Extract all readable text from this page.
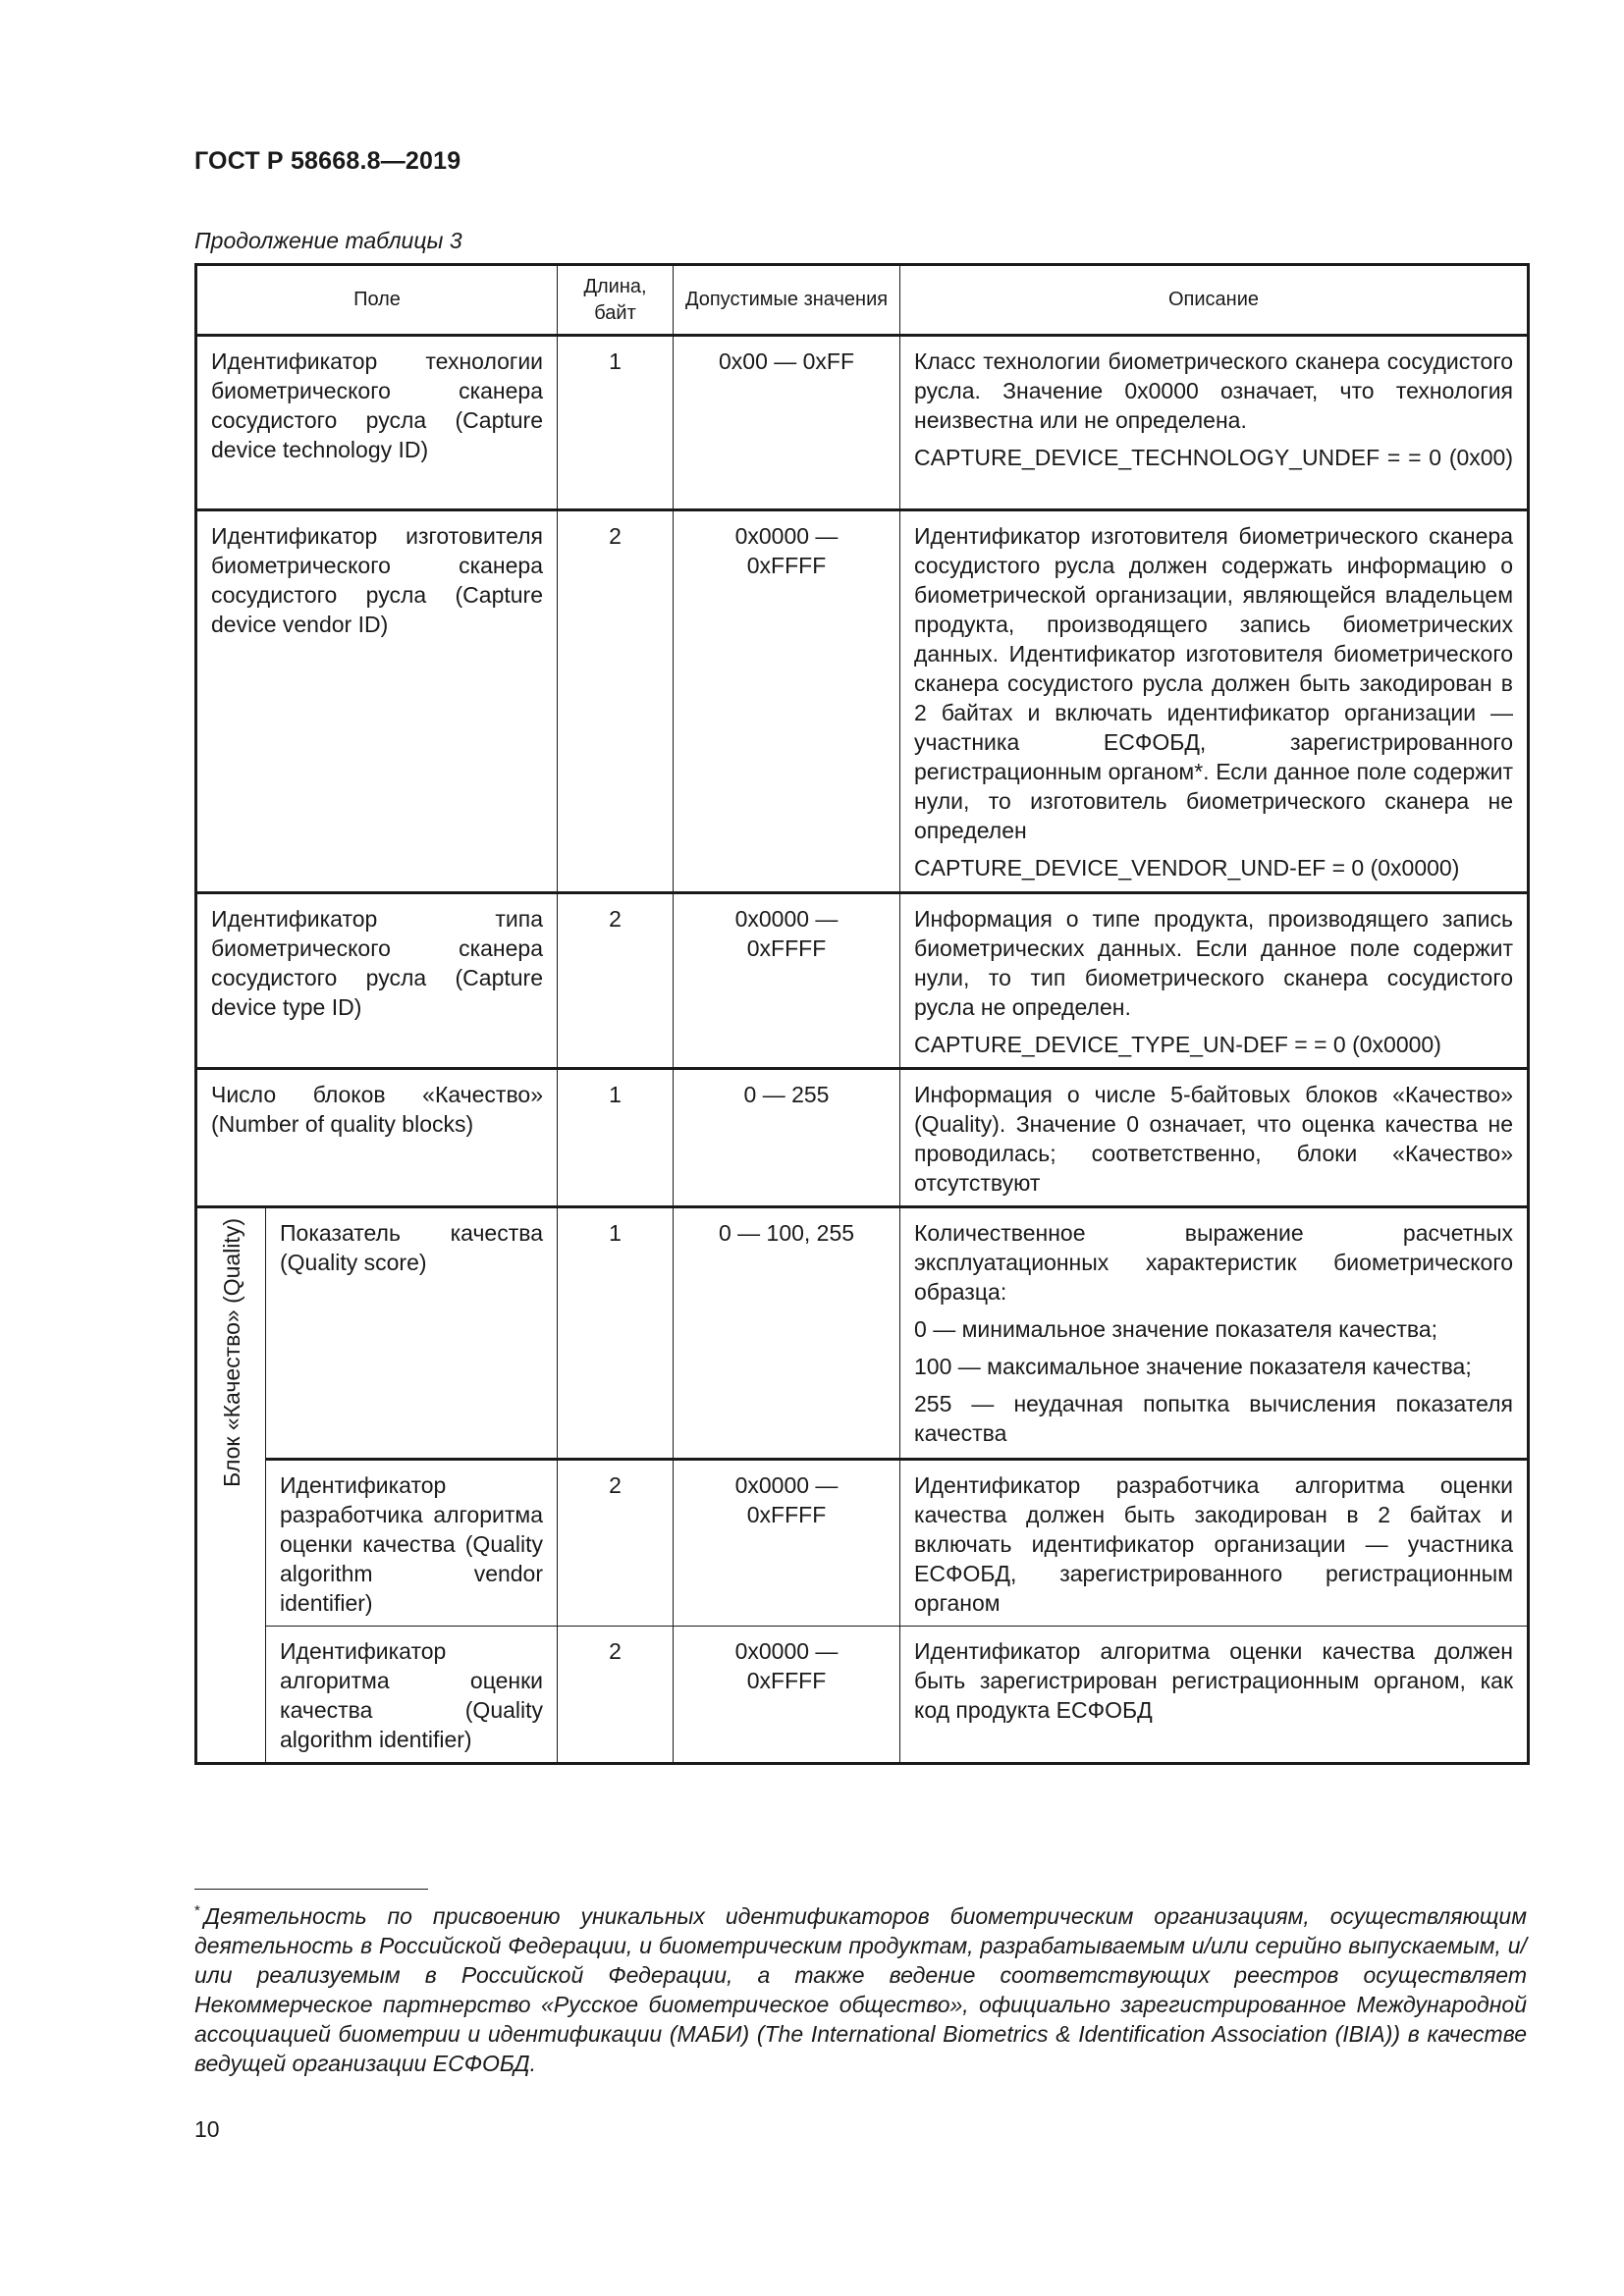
ГОСТ Р 58668.8—2019
Продолжение таблицы 3
Поле		Длина, байт	Допустимые значения	Описание
Идентификатор технологии биометрического сканера сосудистого русла (Capture device technology ID)		1	0x00 — 0xFF	Класс технологии биометрического сканера сосудистого русла. Значение 0x0000 означает, что технология неизвестна или не определена.

CAPTURE_DEVICE_TECHNOLOGY_UNDEF = = 0 (0x00)

Идентификатор изготовителя биометрического сканера сосудистого русла (Capture device vendor ID)		2	0x0000 — 0xFFFF	Идентификатор изготовителя биометрического сканера сосудистого русла должен содержать информацию о биометрической организации, являющейся владельцем продукта, производящего запись биометрических данных. Идентификатор изготовителя биометрического сканера сосудистого русла должен быть закодирован в 2 байтах и включать идентификатор организации — участника ЕСФОБД, зарегистрированного регистрационным органом*. Если данное поле содержит нули, то изготовитель биометрического сканера не определен

CAPTURE_DEVICE_VENDOR_UND-EF = 0 (0x0000)

Идентификатор типа биометрического сканера сосудистого русла (Capture device type ID)		2	0x0000 — 0xFFFF	Информация о типе продукта, производящего запись биометрических данных. Если данное поле содержит нули, то тип биометрического сканера сосудистого русла не определен.

CAPTURE_DEVICE_TYPE_UN-DEF = = 0 (0x0000)

Число блоков «Качество» (Number of quality blocks)		1	0 — 255	Информация о числе 5-байтовых блоков «Качество» (Quality). Значение 0 означает, что оценка качества не проводилась; соответственно, блоки «Качество» отсутствуют

Блок «Качество» (Quality)	Показатель качества (Quality score)	1	0 — 100, 255	Количественное выражение расчетных эксплуатационных характеристик биометрического образца:

0 — минимальное значение показателя качества;

100 — максимальное значение показателя качества;

255 — неудачная попытка вычисления показателя качества

	Идентификатор разработчика алгоритма оценки качества (Quality algorithm vendor identifier)	2	0x0000 — 0xFFFF	Идентификатор разработчика алгоритма оценки качества должен быть закодирован в 2 байтах и включать идентификатор организации — участника ЕСФОБД, зарегистрированного регистрационным органом

	Идентификатор алгоритма оценки качества (Quality algorithm identifier)	2	0x0000 — 0xFFFF	Идентификатор алгоритма оценки качества должен быть зарегистрирован регистрационным органом, как код продукта ЕСФОБД

* Деятельность по присвоению уникальных идентификаторов биометрическим организациям, осуществляющим деятельность в Российской Федерации, и биометрическим продуктам, разрабатываемым и/или серийно выпускаемым, и/или реализуемым в Российской Федерации, а также ведение соответствующих реестров осуществляет Некоммерческое партнерство «Русское биометрическое общество», официально зарегистрированное Международной ассоциацией биометрии и идентификации (МАБИ) (The International Biometrics & Identification Association (IBIA)) в качестве ведущей организации ЕСФОБД.
10
